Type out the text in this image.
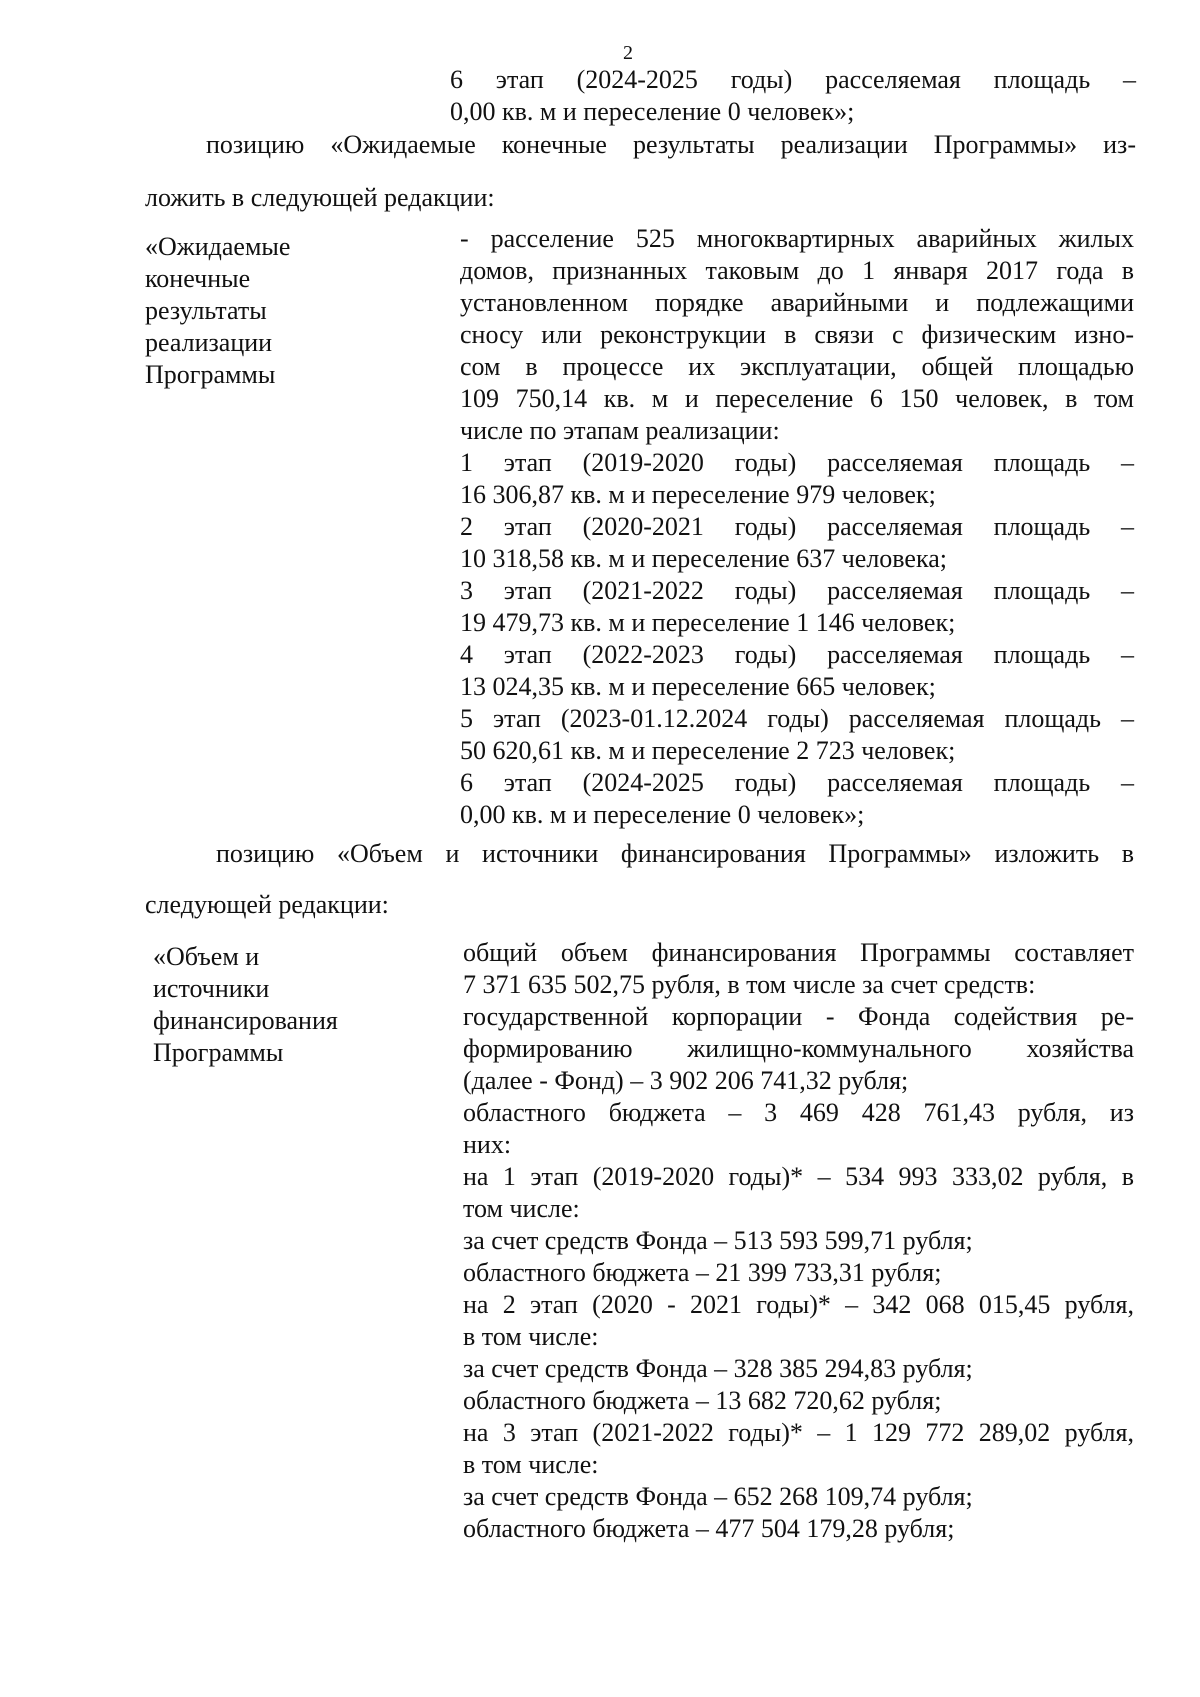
2

6 этап (2024-2025 годы) расселяемая площадь –

0,00 кв. м и переселение 0 человек»;

позицию «Ожидаемые конечные результаты реализации Программы» из-

ложить в следующей редакции:

«Ожидаемые

конечные

результаты

реализации

Программы

- расселение 525 многоквартирных аварийных жилых

домов, признанных таковым до 1 января 2017 года в

установленном порядке аварийными и подлежащими

сносу или реконструкции в связи с физическим изно-

сом в процессе их эксплуатации, общей площадью

109 750,14 кв. м и переселение 6 150 человек, в том

числе по этапам реализации:

1 этап (2019-2020 годы) расселяемая площадь –

16 306,87 кв. м и переселение 979 человек;

2 этап (2020-2021 годы) расселяемая площадь –

10 318,58 кв. м и переселение 637 человека;

3 этап (2021-2022 годы) расселяемая площадь –

19 479,73 кв. м и переселение 1 146 человек;

4 этап (2022-2023 годы) расселяемая площадь –

13 024,35 кв. м и переселение 665 человек;

5 этап (2023-01.12.2024 годы) расселяемая площадь –

50 620,61 кв. м и переселение 2 723 человек;

6 этап (2024-2025 годы) расселяемая площадь –

0,00 кв. м и переселение 0 человек»;

позицию «Объем и источники финансирования Программы» изложить в

следующей редакции:

«Объем и

источники

финансирования

Программы

общий объем финансирования Программы составляет

7 371 635 502,75 рубля, в том числе за счет средств:

государственной корпорации - Фонда содействия ре-

формированию жилищно-коммунального хозяйства

(далее - Фонд) – 3 902 206 741,32 рубля;

областного бюджета – 3 469 428 761,43 рубля, из

них:

на 1 этап (2019-2020 годы)* – 534 993 333,02 рубля, в

том числе:

за счет средств Фонда – 513 593 599,71 рубля;

областного бюджета – 21 399 733,31 рубля;

на 2 этап (2020 - 2021 годы)* – 342 068 015,45 рубля,

в том числе:

за счет средств Фонда – 328 385 294,83 рубля;

областного бюджета – 13 682 720,62 рубля;

на 3 этап (2021-2022 годы)* – 1 129 772 289,02 рубля,

в том числе:

за счет средств Фонда – 652 268 109,74 рубля;

областного бюджета – 477 504 179,28 рубля;
